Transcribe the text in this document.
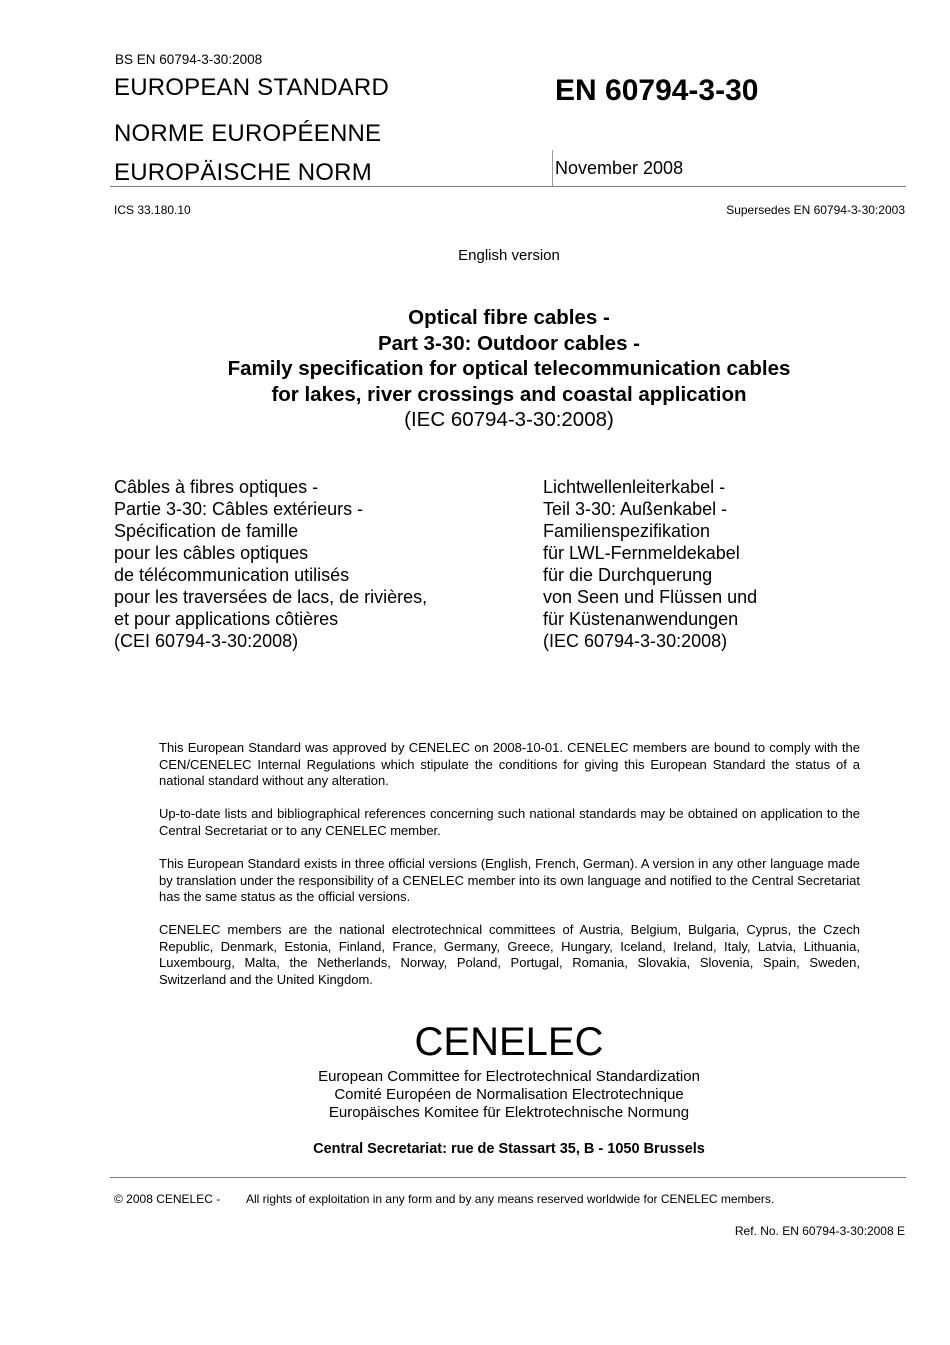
BS EN 60794-3-30:2008
EUROPEAN STANDARD
NORME EUROPÉENNE
EUROPÄISCHE NORM
EN 60794-3-30
November 2008
ICS 33.180.10	Supersedes EN 60794-3-30:2003
English version
Optical fibre cables -
Part 3-30: Outdoor cables -
Family specification for optical telecommunication cables
for lakes, river crossings and coastal application
(IEC 60794-3-30:2008)
Câbles à fibres optiques -
Partie 3-30: Câbles extérieurs -
Spécification de famille
pour les câbles optiques
de télécommunication utilisés
pour les traversées de lacs, de rivières,
et pour applications côtières
(CEI 60794-3-30:2008)
Lichtwellenleiterkabel -
Teil 3-30: Außenkabel -
Familienspezifikation
für LWL-Fernmeldekabel
für die Durchquerung
von Seen und Flüssen und
für Küstenanwendungen
(IEC 60794-3-30:2008)

This European Standard was approved by CENELEC on 2008-10-01. CENELEC members are bound to comply with the CEN/CENELEC Internal Regulations which stipulate the conditions for giving this European Standard the status of a national standard without any alteration.

Up-to-date lists and bibliographical references concerning such national standards may be obtained on application to the Central Secretariat or to any CENELEC member.

This European Standard exists in three official versions (English, French, German). A version in any other language made by translation under the responsibility of a CENELEC member into its own language and notified to the Central Secretariat has the same status as the official versions.

CENELEC members are the national electrotechnical committees of Austria, Belgium, Bulgaria, Cyprus, the Czech Republic, Denmark, Estonia, Finland, France, Germany, Greece, Hungary, Iceland, Ireland, Italy, Latvia, Lithuania, Luxembourg, Malta, the Netherlands, Norway, Poland, Portugal, Romania, Slovakia, Slovenia, Spain, Sweden, Switzerland and the United Kingdom.

CENELEC
European Committee for Electrotechnical Standardization
Comité Européen de Normalisation Electrotechnique
Europäisches Komitee für Elektrotechnische Normung
Central Secretariat: rue de Stassart 35, B - 1050 Brussels
© 2008 CENELEC - All rights of exploitation in any form and by any means reserved worldwide for CENELEC members.
Ref. No. EN 60794-3-30:2008 E
